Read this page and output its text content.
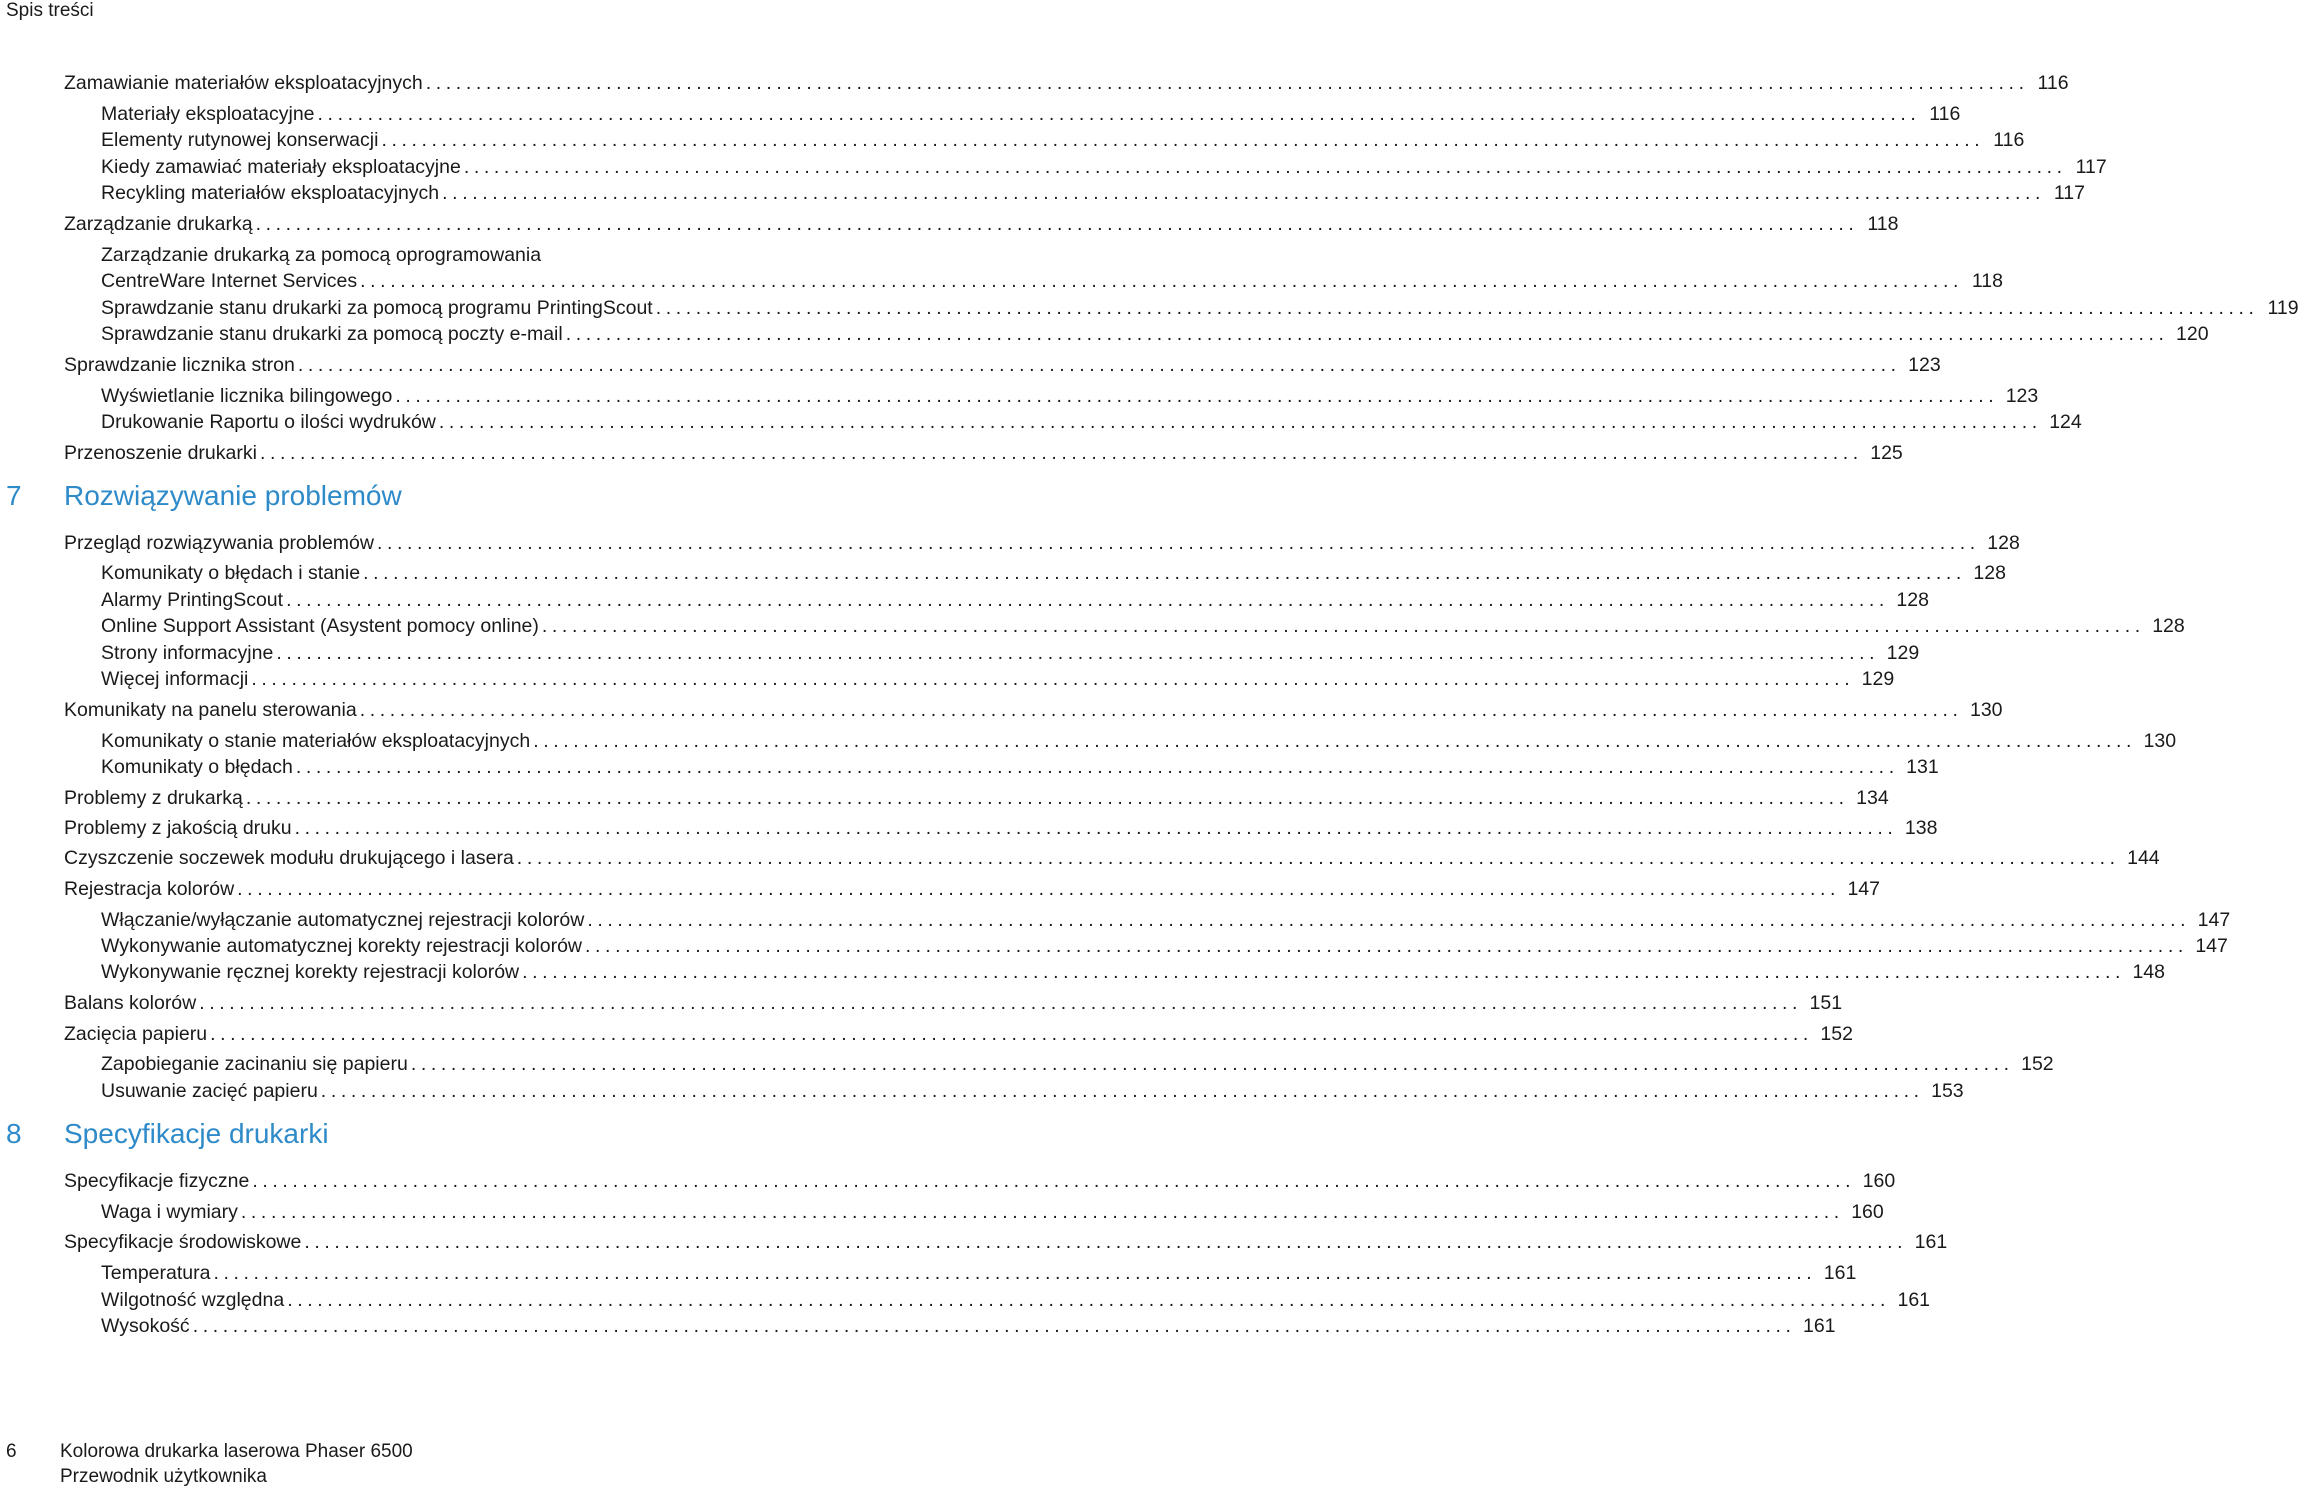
Spis treści
Zamawianie materiałów eksploatacyjnych ................................................................................................................................................................ 116
Materiały eksploatacyjne ................................................................................................................................................................ 116
Elementy rutynowej konserwacji ................................................................................................................................................................ 116
Kiedy zamawiać materiały eksploatacyjne ................................................................................................................................................................ 117
Recykling materiałów eksploatacyjnych ................................................................................................................................................................ 117
Zarządzanie drukarką ................................................................................................................................................................ 118
Zarządzanie drukarką za pomocą oprogramowania
CentreWare Internet Services ................................................................................................................................................................ 118
Sprawdzanie stanu drukarki za pomocą programu PrintingScout ................................................................................................................................................................ 119
Sprawdzanie stanu drukarki za pomocą poczty e-mail ................................................................................................................................................................ 120
Sprawdzanie licznika stron ................................................................................................................................................................ 123
Wyświetlanie licznika bilingowego ................................................................................................................................................................ 123
Drukowanie Raportu o ilości wydruków ................................................................................................................................................................ 124
Przenoszenie drukarki ................................................................................................................................................................ 125
7	Rozwiązywanie problemów
Przegląd rozwiązywania problemów ................................................................................................................................................................ 128
Komunikaty o błędach i stanie ................................................................................................................................................................ 128
Alarmy PrintingScout ................................................................................................................................................................ 128
Online Support Assistant (Asystent pomocy online) ................................................................................................................................................................ 128
Strony informacyjne ................................................................................................................................................................ 129
Więcej informacji ................................................................................................................................................................ 129
Komunikaty na panelu sterowania ................................................................................................................................................................ 130
Komunikaty o stanie materiałów eksploatacyjnych ................................................................................................................................................................ 130
Komunikaty o błędach ................................................................................................................................................................ 131
Problemy z drukarką ................................................................................................................................................................ 134
Problemy z jakością druku ................................................................................................................................................................ 138
Czyszczenie soczewek modułu drukującego i lasera ................................................................................................................................................................ 144
Rejestracja kolorów ................................................................................................................................................................ 147
Włączanie/wyłączanie automatycznej rejestracji kolorów ................................................................................................................................................................ 147
Wykonywanie automatycznej korekty rejestracji kolorów ................................................................................................................................................................ 147
Wykonywanie ręcznej korekty rejestracji kolorów ................................................................................................................................................................ 148
Balans kolorów ................................................................................................................................................................ 151
Zacięcia papieru ................................................................................................................................................................ 152
Zapobieganie zacinaniu się papieru ................................................................................................................................................................ 152
Usuwanie zacięć papieru ................................................................................................................................................................ 153
8	Specyfikacje drukarki
Specyfikacje fizyczne ................................................................................................................................................................ 160
Waga i wymiary ................................................................................................................................................................ 160
Specyfikacje środowiskowe ................................................................................................................................................................ 161
Temperatura ................................................................................................................................................................ 161
Wilgotność względna ................................................................................................................................................................ 161
Wysokość ................................................................................................................................................................ 161
6 Kolorowa drukarka laserowa Phaser 6500
Przewodnik użytkownika
